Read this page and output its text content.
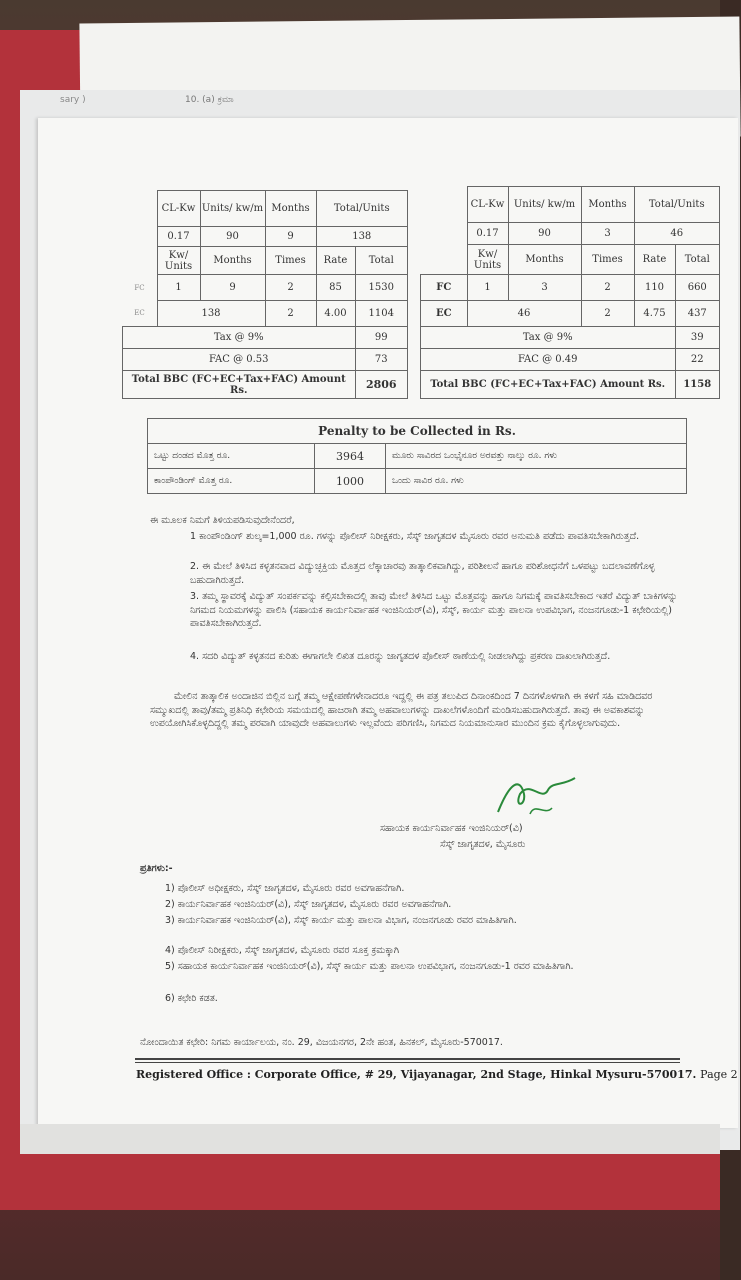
sary )	10. (a) ಕ್ರಮಾ
	CL-Kw	Units/ kw/m	Months	Total/Units	
	0.17	90	9	138	
	Kw/ Units	Months	Times	Rate	Total
FC	1	9	2	85	1530
EC	138		2	4.00	1104
Tax @ 9%					99
FAC @ 0.53					73
Total BBC (FC+EC+Tax+FAC) Amount Rs.					2806
	CL-Kw	Units/ kw/m	Months	Total/Units	
	0.17	90	3	46	
	Kw/ Units	Months	Times	Rate	Total
FC	1	3	2	110	660
EC	46		2	4.75	437
Tax @ 9%					39
FAC @ 0.49					22
Total BBC (FC+EC+Tax+FAC) Amount Rs.					1158
Penalty to be Collected in Rs.		
ಒಟ್ಟು ದಂಡದ ಮೊತ್ತ ರೂ.	3964	ಮೂರು ಸಾವಿರದ ಒಂಭೈನೂರ ಅರವತ್ತು ನಾಲ್ಕು ರೂ. ಗಳು
ಕಾಂಪೌಂಡಿಂಗ್ ಮೊತ್ತ ರೂ.	1000	ಒಂದು ಸಾವಿರ ರೂ. ಗಳು
ಈ ಮೂಲಕ ನಿಮಗೆ ತಿಳಿಯಪಡಿಸುವುದೇನೆಂದರೆ,
1 ಕಾಂಪೌಂಡಿಂಗ್ ಶುಲ್ಕ=1,000 ರೂ. ಗಳನ್ನು ಪೊಲೀಸ್ ನಿರೀಕ್ಷಕರು, ಸೆಸ್ಕ್ ಜಾಗೃತದಳ ಮೈಸೂರು ರವರ ಅನುಮತಿ ಪಡೆದು ಪಾವತಿಸಬೇಕಾಗಿರುತ್ತದೆ.
2. ಈ ಮೇಲೆ ತಿಳಿಸಿದ ಕಳ್ಳತನವಾದ ವಿದ್ಯುಚ್ಛಕ್ತಿಯ ಮೊತ್ತದ ಲೆಕ್ಕಾಚಾರವು ತಾತ್ಕಾಲಿಕವಾಗಿದ್ದು, ಪರಿಶೀಲನೆ ಹಾಗೂ ಪರಿಶೋಧನೆಗೆ ಒಳಪಟ್ಟು ಬದಲಾವಣೆಗೊಳ್ಳ ಬಹುದಾಗಿರುತ್ತದೆ.
3. ತಮ್ಮ ಸ್ಥಾವರಕ್ಕೆ ವಿದ್ಯುತ್ ಸಂಪರ್ಕವನ್ನು ಕಲ್ಪಿಸಬೇಕಾದಲ್ಲಿ ತಾವು ಮೇಲೆ ತಿಳಿಸಿದ ಒಟ್ಟು ಮೊತ್ತವನ್ನು ಹಾಗೂ ನಿಗಮಕ್ಕೆ ಪಾವತಿಸಬೇಕಾದ ಇತರೆ ವಿದ್ಯುತ್ ಬಾಕಿಗಳನ್ನು ನಿಗಮದ ನಿಯಮಗಳನ್ನು ಪಾಲಿಸಿ (ಸಹಾಯಕ ಕಾರ್ಯನಿರ್ವಾಹಕ ಇಂಜಿನಿಯರ್(ವಿ), ಸೆಸ್ಕ್, ಕಾರ್ಯ ಮತ್ತು ಪಾಲನಾ ಉಪವಿಭಾಗ, ನಂಜನಗೂಡು-1 ಕಛೇರಿಯಲ್ಲಿ) ಪಾವತಿಸಬೇಕಾಗಿರುತ್ತದೆ.
4. ಸದರಿ ವಿದ್ಯುತ್ ಕಳ್ಳತನದ ಕುರಿತು ಈಗಾಗಲೇ ಲಿಖಿತ ದೂರನ್ನು ಜಾಗೃತದಳ ಪೊಲೀಸ್ ಠಾಣೆಯಲ್ಲಿ ನೀಡಲಾಗಿದ್ದು ಪ್ರಕರಣ ದಾಖಲಾಗಿರುತ್ತದೆ.
ಮೇಲಿನ ತಾತ್ಕಾಲಿಕ ಅಂದಾಜಿನ ಬಿಲ್ಲಿನ ಬಗ್ಗೆ ತಮ್ಮ ಆಕ್ಷೇಪಣೆಗಳೇನಾದರೂ ಇದ್ದಲ್ಲಿ ಈ ಪತ್ರ ತಲುಪಿದ ದಿನಾಂಕದಿಂದ 7 ದಿನಗಳೊಳಗಾಗಿ ಈ ಕಳಗೆ ಸಹಿ ಮಾಡಿದವರ ಸಮ್ಮುಖದಲ್ಲಿ ತಾವು/ತಮ್ಮ ಪ್ರತಿನಿಧಿ ಕಛೇರಿಯ ಸಮಯದಲ್ಲಿ ಹಾಜರಾಗಿ ತಮ್ಮ ಅಹವಾಲುಗಳನ್ನು ದಾಖಲೆಗಳೊಂದಿಗೆ ಮಂಡಿಸಬಹುದಾಗಿರುತ್ತದೆ. ತಾವು ಈ ಅವಕಾಶವನ್ನು ಉಪಯೋಗಿಸಿಕೊಳ್ಳದಿದ್ದಲ್ಲಿ ತಮ್ಮ ಪರವಾಗಿ ಯಾವುದೇ ಅಹವಾಲುಗಳು ಇಲ್ಲವೆಂದು ಪರಿಗಣಿಸಿ, ನಿಗಮದ ನಿಯಮಾನುಸಾರ ಮುಂದಿನ ಕ್ರಮ ಕೈಗೊಳ್ಳಲಾಗುವುದು.
ಸಹಾಯಕ ಕಾರ್ಯನಿರ್ವಾಹಕ ಇಂಜಿನಿಯರ್(ವಿ)
ಸೆಸ್ಕ್ ಜಾಗೃತದಳ, ಮೈಸೂರು
ಪ್ರತಿಗಳು:-
1) ಪೊಲೀಸ್ ಅಧೀಕ್ಷಕರು, ಸೆಸ್ಕ್ ಜಾಗೃತದಳ, ಮೈಸೂರು ರವರ ಅವಗಾಹನೆಗಾಗಿ.
2) ಕಾರ್ಯನಿರ್ವಾಹಕ ಇಂಜಿನಿಯರ್(ವಿ), ಸೆಸ್ಕ್ ಜಾಗೃತದಳ, ಮೈಸೂರು ರವರ ಅವಗಾಹನೆಗಾಗಿ.
3) ಕಾರ್ಯನಿರ್ವಾಹಕ ಇಂಜಿನಿಯರ್(ವಿ), ಸೆಸ್ಕ್ ಕಾರ್ಯ ಮತ್ತು ಪಾಲನಾ ವಿಭಾಗ, ನಂಜನಗೂಡು ರವರ ಮಾಹಿತಿಗಾಗಿ.
4) ಪೊಲೀಸ್ ನಿರೀಕ್ಷಕರು, ಸೆಸ್ಕ್ ಜಾಗೃತದಳ, ಮೈಸೂರು ರವರ ಸೂಕ್ತ ಕ್ರಮಕ್ಕಾಗಿ
5) ಸಹಾಯಕ ಕಾರ್ಯನಿರ್ವಾಹಕ ಇಂಜಿನಿಯರ್(ವಿ), ಸೆಸ್ಕ್ ಕಾರ್ಯ ಮತ್ತು ಪಾಲನಾ ಉಪವಿಭಾಗ, ನಂಜನಗೂಡು-1 ರವರ ಮಾಹಿತಿಗಾಗಿ.
6) ಕಛೇರಿ ಕಡತ.
ನೋಂದಾಯಿತ ಕಛೇರಿ: ನಿಗಮ ಕಾರ್ಯಾಲಯ, ನಂ. 29, ವಿಜಯನಗರ, 2ನೇ ಹಂತ, ಹಿನಕಲ್, ಮೈಸೂರು-570017.
Registered Office : Corporate Office, # 29, Vijayanagar, 2nd Stage, Hinkal Mysuru-570017. Page 2
